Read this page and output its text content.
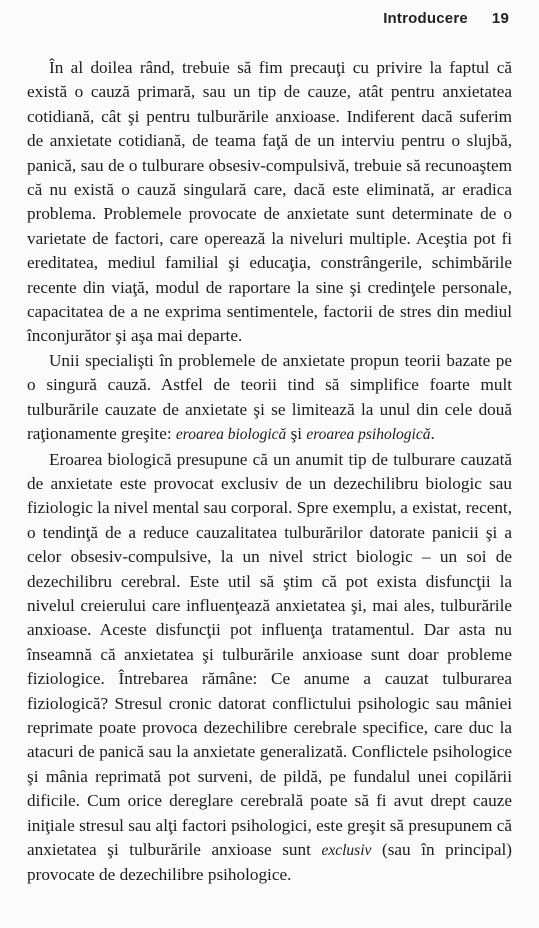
Introducere 19

În al doilea rând, trebuie să fim precauţi cu privire la faptul că există o cauză primară, sau un tip de cauze, atât pentru anxietatea cotidiană, cât şi pentru tulburările anxioase. Indiferent dacă suferim de anxietate cotidiană, de teama faţă de un interviu pentru o slujbă, panică, sau de o tulburare obsesiv-compulsivă, trebuie să recunoaştem că nu există o cauză singulară care, dacă este eliminată, ar eradica problema. Problemele provocate de anxietate sunt determinate de o varietate de factori, care operează la niveluri multiple. Aceştia pot fi ereditatea, mediul familial şi educaţia, constrângerile, schimbările recente din viaţă, modul de raportare la sine şi credinţele personale, capacitatea de a ne exprima sentimentele, factorii de stres din mediul înconjurător şi aşa mai departe.

Unii specialişti în problemele de anxietate propun teorii bazate pe o singură cauză. Astfel de teorii tind să simplifice foarte mult tulburările cauzate de anxietate şi se limitează la unul din cele două raţionamente greşite: eroarea biologică şi eroarea psihologică.

Eroarea biologică presupune că un anumit tip de tulburare cauzată de anxietate este provocat exclusiv de un dezechilibru biologic sau fiziologic la nivel mental sau corporal. Spre exemplu, a existat, recent, o tendinţă de a reduce cauzalitatea tulburărilor datorate panicii şi a celor obsesiv-compulsive, la un nivel strict biologic – un soi de dezechilibru cerebral. Este util să ştim că pot exista disfuncţii la nivelul creierului care influenţează anxietatea şi, mai ales, tulburările anxioase. Aceste disfuncţii pot influenţa tratamentul. Dar asta nu înseamnă că anxietatea şi tulburările anxioase sunt doar probleme fiziologice. Întrebarea rămâne: Ce anume a cauzat tulburarea fiziologică? Stresul cronic datorat conflictului psihologic sau mâniei reprimate poate provoca dezechilibre cerebrale specifice, care duc la atacuri de panică sau la anxietate generalizată. Conflictele psihologice şi mânia reprimată pot surveni, de pildă, pe fundalul unei copilării dificile. Cum orice dereglare cerebrală poate să fi avut drept cauze iniţiale stresul sau alţi factori psihologici, este greşit să presupunem că anxietatea şi tulburările anxioase sunt exclusiv (sau în principal) provocate de dezechilibre psihologice.
